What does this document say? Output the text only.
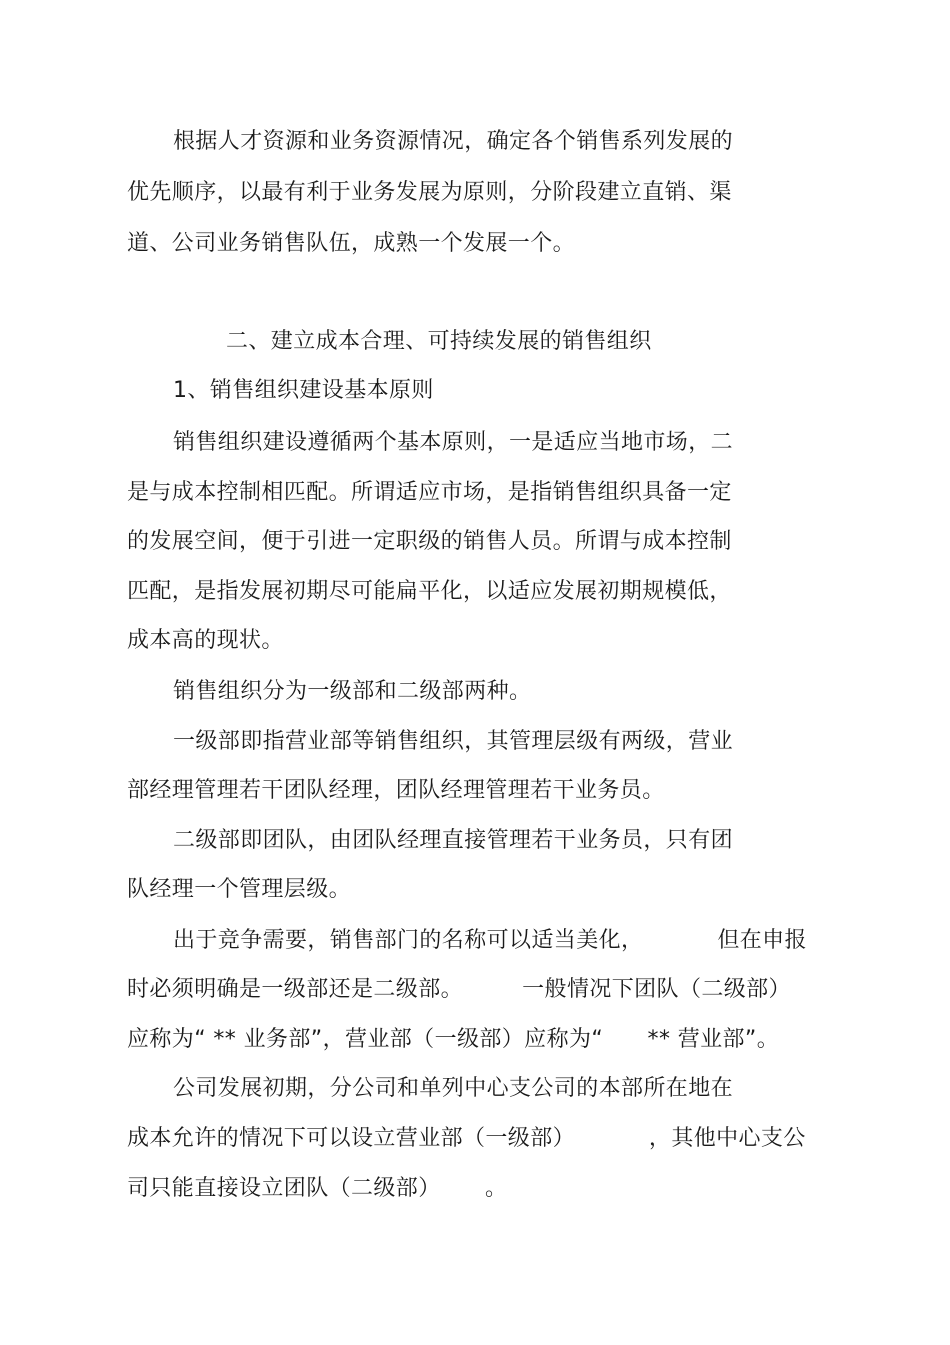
根据人才资源和业务资源情况，确定各个销售系列发展的
优先顺序，以最有利于业务发展为原则，分阶段建立直销、渠
道、公司业务销售队伍，成熟一个发展一个。
二、建立成本合理、可持续发展的销售组织
1、销售组织建设基本原则
销售组织建设遵循两个基本原则，一是适应当地市场，二
是与成本控制相匹配。所谓适应市场，是指销售组织具备一定
的发展空间，便于引进一定职级的销售人员。所谓与成本控制
匹配，是指发展初期尽可能扁平化，以适应发展初期规模低，
成本高的现状。
销售组织分为一级部和二级部两种。
一级部即指营业部等销售组织，其管理层级有两级，营业
部经理管理若干团队经理，团队经理管理若干业务员。
二级部即团队，由团队经理直接管理若干业务员，只有团
队经理一个管理层级。
出于竞争需要，销售部门的名称可以适当美化，          但在申报
时必须明确是一级部还是二级部。        一般情况下团队（二级部）
应称为“ ** 业务部”，营业部（一级部）应称为“      ** 营业部”。
公司发展初期，分公司和单列中心支公司的本部所在地在
成本允许的情况下可以设立营业部（一级部）          ，其他中心支公
司只能直接设立团队（二级部）      。
